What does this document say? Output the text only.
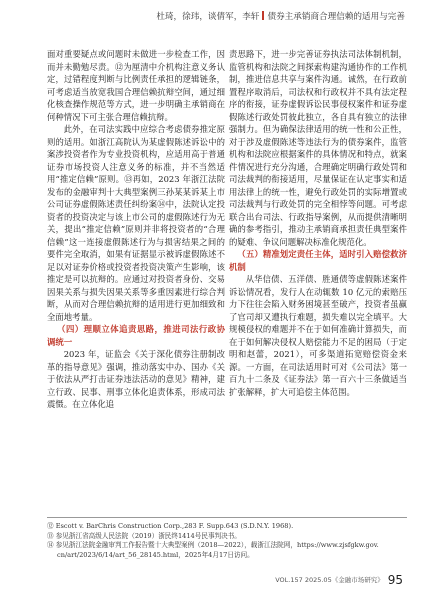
杜琦，徐玮，谈倩军，李轩 债券主承销商合理信赖的适用与完善

面对重要疑点或问题时未做进一步检查工作，因而并未勤勉尽责。⑫为厘清中介机构注意义务认定，过错程度判断与比例责任承担的逻辑链条，可考虑适当放宽我国合理信赖抗辩空间，通过细化核查操作规范等方式，进一步明确主承销商在何种情况下可主张合理信赖抗辩。

此外，在司法实践中应综合考虑债券推定原则的适用。如浙江高院认为某虚假陈述诉讼中的案涉投资者作为专业投资机构，应适用高于普通证券市场投资人注意义务的标准，并不当然适用“推定信赖”原则。⑬再如，2023 年浙江法院发布的金融审判十大典型案例三孙某某诉某上市公司证券虚假陈述责任纠纷案⑭中，法院认定投资者的投资决定与该上市公司的虚假陈述行为无关，提出“推定信赖”原则并非将投资者的“合理信赖”这一连接虚假陈述行为与损害结果之间的要件完全取消，如果有证据显示被诉虚假陈述不足以对证券价格或投资者投资决策产生影响，该推定是可以抗辩的。应通过对投资者身份、交易因果关系与损失因果关系等多重因素进行综合判断，从而对合理信赖抗辩的适用进行更加细致和全面地考量。

（四）理顺立体追责思路，推进司法行政协调统一

2023 年，证监会《关于深化债券注册制改革的指导意见》强调，推动落实中办、国办《关于依法从严打击证券违法活动的意见》精神，建立行政、民事、刑事立体化追责体系，形成司法震慑。在立体化追

责思路下，进一步完善证券执法司法体制机制，监管机构和法院之间探索构建沟通协作的工作机制，推进信息共享与案件沟通。诚然，在行政前置程序取消后，司法权和行政权并不具有法定程序的衔接，证券虚假诉讼民事侵权案件和证券虚假陈述行政处罚彼此独立，各自具有独立的法律强制力。但为确保法律适用的统一性和公正性，对于涉及虚假陈述等违法行为的债券案件，监管机构和法院应根据案件的具体情况和特点，就案件情况进行充分沟通，合理确定明确行政处罚和司法裁判的衔接适用，尽量保证在认定事实和适用法律上的统一性，避免行政处罚的实际增置或司法裁判与行政处罚的完全相悖等问题。可考虑联合出台司法、行政指导案例，从而提供清晰明确的参考指引，推动主承销商承担责任典型案件的疑难、争议问题解决标准化规范化。

（五）精准划定责任主体，适时引入赔偿救济机制

从华信债、五洋债、胜通债等虚假陈述案件诉讼情况看，发行人在动辄数 10 亿元的索赔压力下往往会陷入财务困境甚至破产，投资者虽赢了官司却又遭执行难题，损失难以完全填平。大规模侵权的难题并不在于如何准确计算损失，而在于如何解决侵权人赔偿能力不足的困局（于定明和赵蕾，2021），可多渠道拓宽赔偿资金来源。一方面，在司法适用时可对《公司法》第一百九十二条及《证券法》第一百六十三条做适当扩张解释，扩大可追偿主体范围。

⑫ Escott v. BarChris Construction Corp.,283 F. Supp.643 (S.D.N.Y. 1968).

⑬ 参见浙江省高级人民法院（2019）浙民终1414号民事判决书。

⑭ 参见浙江法院金融审判工作报告暨十大典型案例（2018—2022），载浙江法院网，https://www.zjsfgkw.gov.

cn/art/2023/6/14/art_56_28145.html，2025年4月17日访问。

VOL.157 2025.05《金融市场研究》 95
